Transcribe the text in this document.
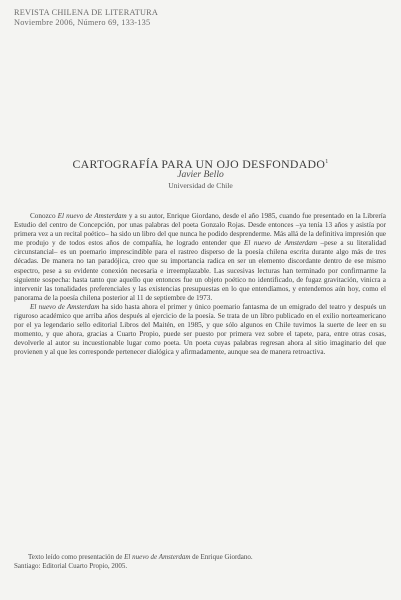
REVISTA CHILENA DE LITERATURA
Noviembre 2006, Número 69, 133-135
CARTOGRAFÍA PARA UN OJO DESFONDADO$^1$
Javier Bello
Universidad de Chile

Conozco El nuevo de Amsterdam y a su autor, Enrique Giordano, desde el año 1985, cuando fue presentado en la Librería Estudio del centro de Concepción, por unas palabras del poeta Gonzalo Rojas. Desde entonces –ya tenía 13 años y asistía por primera vez a un recital poético– ha sido un libro del que nunca he podido desprenderme. Más allá de la definitiva impresión que me produjo y de todos estos años de compañía, he logrado entender que El nuevo de Amsterdam –pese a su literalidad circunstancial– es un poemario imprescindible para el rastreo disperso de la poesía chilena escrita durante algo más de tres décadas. De manera no tan paradójica, creo que su importancia radica en ser un elemento discordante dentro de ese mismo espectro, pese a su evidente conexión necesaria e irreemplazable. Las sucesivas lecturas han terminado por confirmarme la siguiente sospecha: hasta tanto que aquello que entonces fue un objeto poético no identificado, de fugaz gravitación, vinicra a intervenir las tonalidades preferenciales y las existencias presupuestas en lo que entendíamos, y entendemos aún hoy, como el panorama de la poesía chilena posterior al 11 de septiembre de 1973.

El nuevo de Amsterdam ha sido hasta ahora el primer y único poemario fantasma de un emigrado del teatro y después un riguroso académico que arriba años después al ejercicio de la poesía. Se trata de un libro publicado en el exilio norteamericano por el ya legendario sello editorial Libros del Maitén, en 1985, y que sólo algunos en Chile tuvimos la suerte de leer en su momento, y que ahora, gracias a Cuarto Propio, puede ser puesto por primera vez sobre el tapete, para, entre otras cosas, devolverle al autor su incuestionable lugar como poeta. Un poeta cuyas palabras regresan ahora al sitio imaginario del que provienen y al que les corresponde pertenecer dialógica y afirmadamente, aunque sea de manera retroactiva.

Texto leído como presentación de El nuevo de Amsterdam de Enrique Giordano.
Santiago: Editorial Cuarto Propio, 2005.
